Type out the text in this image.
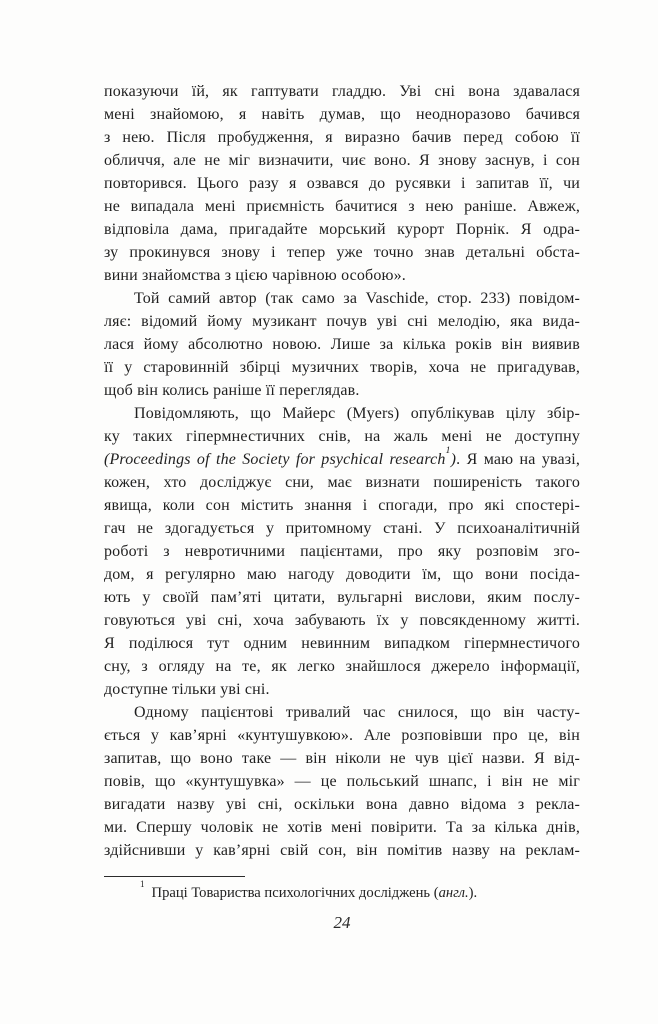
показуючи їй, як гаптувати гладдю. Уві сні вона здавалася
мені знайомою, я навіть думав, що неодноразово бачився
з нею. Після пробудження, я виразно бачив перед собою її
обличчя, але не міг визначити, чиє воно. Я знову заснув, і сон
повторився. Цього разу я озвався до русявки і запитав її, чи
не випадала мені приємність бачитися з нею раніше. Авжеж,
відповіла дама, пригадайте морський курорт Порнік. Я одра-
зу прокинувся знову і тепер уже точно знав детальні обста-
вини знайомства з цією чарівною особою».
Той самий автор (так само за Vaschide, стор. 233) повідом-
ляє: відомий йому музикант почув уві сні мелодію, яка вида-
лася йому абсолютно новою. Лише за кілька років він виявив
її у старовинній збірці музичних творів, хоча не пригадував,
щоб він колись раніше її переглядав.
Повідомляють, що Майерс (Myers) опублікував цілу збір-
ку таких гіпермнестичних снів, на жаль мені не доступну
(Proceedings of the Society for psychical research$^1$). Я маю на увазі,
кожен, хто досліджує сни, має визнати поширеність такого
явища, коли сон містить знання і спогади, про які спостері-
гач не здогадується у притомному стані. У психоаналітичній
роботі з невротичними пацієнтами, про яку розповім зго-
дом, я регулярно маю нагоду доводити їм, що вони посіда-
ють у своїй пам’яті цитати, вульгарні вислови, яким послу-
говуються уві сні, хоча забувають їх у повсякденному житті.
Я поділюся тут одним невинним випадком гіпермнестичого
сну, з огляду на те, як легко знайшлося джерело інформації,
доступне тільки уві сні.
Одному пацієнтові тривалий час снилося, що він часту-
ється у кав’ярні «кунтушувкою». Але розповівши про це, він
запитав, що воно таке — він ніколи не чув цієї назви. Я від-
повів, що «кунтушувка» — це польський шнапс, і він не міг
вигадати назву уві сні, оскільки вона давно відома з рекла-
ми. Спершу чоловік не хотів мені повірити. Та за кілька днів,
здійснивши у кав’ярні свій сон, він помітив назву на реклам-
$^1$Праці Товариства психологічних досліджень (англ.).
24
